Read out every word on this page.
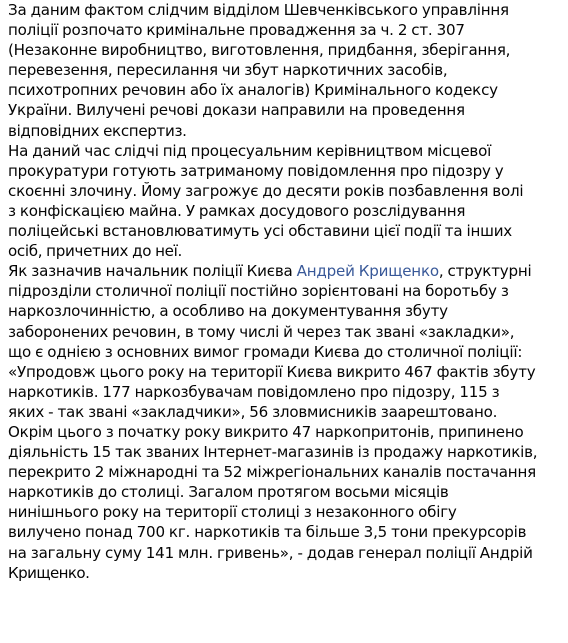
За даним фактом слідчим відділом Шевченківського управління
поліції розпочато кримінальне провадження за ч. 2 ст. 307
(Незаконне виробництво, виготовлення, придбання, зберігання,
перевезення, пересилання чи збут наркотичних засобів,
психотропних речовин або їх аналогів) Кримінального кодексу
України. Вилучені речові докази направили на проведення
відповідних експертиз.
На даний час слідчі під процесуальним керівництвом місцевої
прокуратури готують затриманому повідомлення про підозру у
скоєнні злочину. Йому загрожує до десяти років позбавлення волі
з конфіскацією майна. У рамках досудового розслідування
поліцейські встановлюватимуть усі обставини цієї події та інших
осіб, причетних до неї.
Як зазначив начальник поліції Києва Андрей Крищенко, структурні
підрозділи столичної поліції постійно зорієнтовані на боротьбу з
наркозлочинністю, а особливо на документування збуту
заборонених речовин, в тому числі й через так звані «закладки»,
що є однією з основних вимог громади Києва до столичної поліції:
«Упродовж цього року на території Києва викрито 467 фактів збуту
наркотиків. 177 наркозбувачам повідомлено про підозру, 115 з
яких - так звані «закладчики», 56 зловмисників заарештовано.
Окрім цього з початку року викрито 47 наркопритонів, припинено
діяльність 15 так званих Інтернет-магазинів із продажу наркотиків,
перекрито 2 міжнародні та 52 міжрегіональних каналів постачання
наркотиків до столиці. Загалом протягом восьми місяців
нинішнього року на території столиці з незаконного обігу
вилучено понад 700 кг. наркотиків та більше 3,5 тони прекурсорів
на загальну суму 141 млн. гривень», - додав генерал поліції Андрій
Крищенко.
